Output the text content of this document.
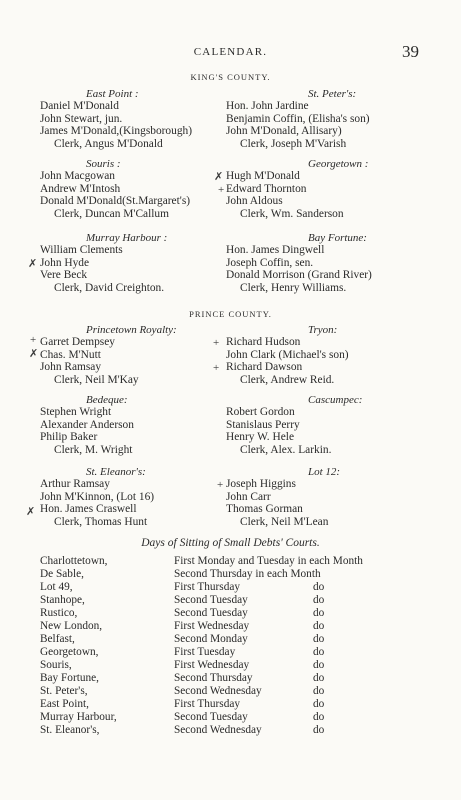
CALENDAR.	39
KING'S COUNTY.
East Point :
Daniel M'Donald
John Stewart, jun.
James M'Donald,(Kingsborough)
Clerk, Angus M'Donald
St. Peter's:
Hon. John Jardine
Benjamin Coffin, (Elisha's son)
John M'Donald, Allisary)
Clerk, Joseph M'Varish
Souris :
John Macgowan
Andrew M'Intosh
Donald M'Donald(St.Margaret's)
Clerk, Duncan M'Callum
Georgetown :
Hugh M'Donald
Edward Thornton
John Aldous
Clerk, Wm. Sanderson
Murray Harbour :
William Clements
John Hyde
Vere Beck
Clerk, David Creighton.
Bay Fortune:
Hon. James Dingwell
Joseph Coffin, sen.
Donald Morrison (Grand River)
Clerk, Henry Williams.
PRINCE COUNTY.
Princetown Royalty:
Garret Dempsey
Chas. M'Nutt
John Ramsay
Clerk, Neil M'Kay
Tryon:
Richard Hudson
John Clark (Michael's son)
Richard Dawson
Clerk, Andrew Reid.
Bedeque:
Stephen Wright
Alexander Anderson
Philip Baker
Clerk, M. Wright
Cascumpec:
Robert Gordon
Stanislaus Perry
Henry W. Hele
Clerk, Alex. Larkin.
St. Eleanor's:
Arthur Ramsay
John M'Kinnon, (Lot 16)
Hon. James Craswell
Clerk, Thomas Hunt
Lot 12:
Joseph Higgins
John Carr
Thomas Gorman
Clerk, Neil M'Lean
✗
+
✗
+
✗
+
+
+
✗
Days of Sitting of Small Debts' Courts.
Charlottetown,	First Monday and Tuesday in each Month
De Sable,	Second Thursday in each Month
Lot 49,	First Thursday	do
Stanhope,	Second Tuesday	do
Rustico,	Second Tuesday	do
New London,	First Wednesday	do
Belfast,	Second Monday	do
Georgetown,	First Tuesday	do
Souris,	First Wednesday	do
Bay Fortune,	Second Thursday	do
St. Peter's,	Second Wednesday	do
East Point,	First Thursday	do
Murray Harbour,	Second Tuesday	do
St. Eleanor's,	Second Wednesday	do
